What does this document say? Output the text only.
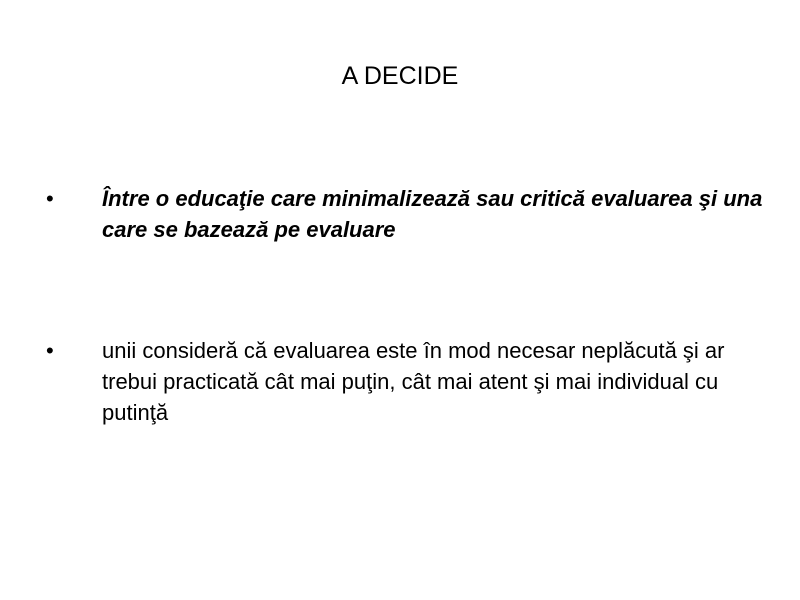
A DECIDE
•	Între o educaţie care minimalizează sau critică evaluarea şi una care se bazează pe evaluare
•	unii consideră că evaluarea este în mod necesar neplăcută şi ar trebui practicată cât mai puţin, cât mai atent şi mai individual cu putinţă
